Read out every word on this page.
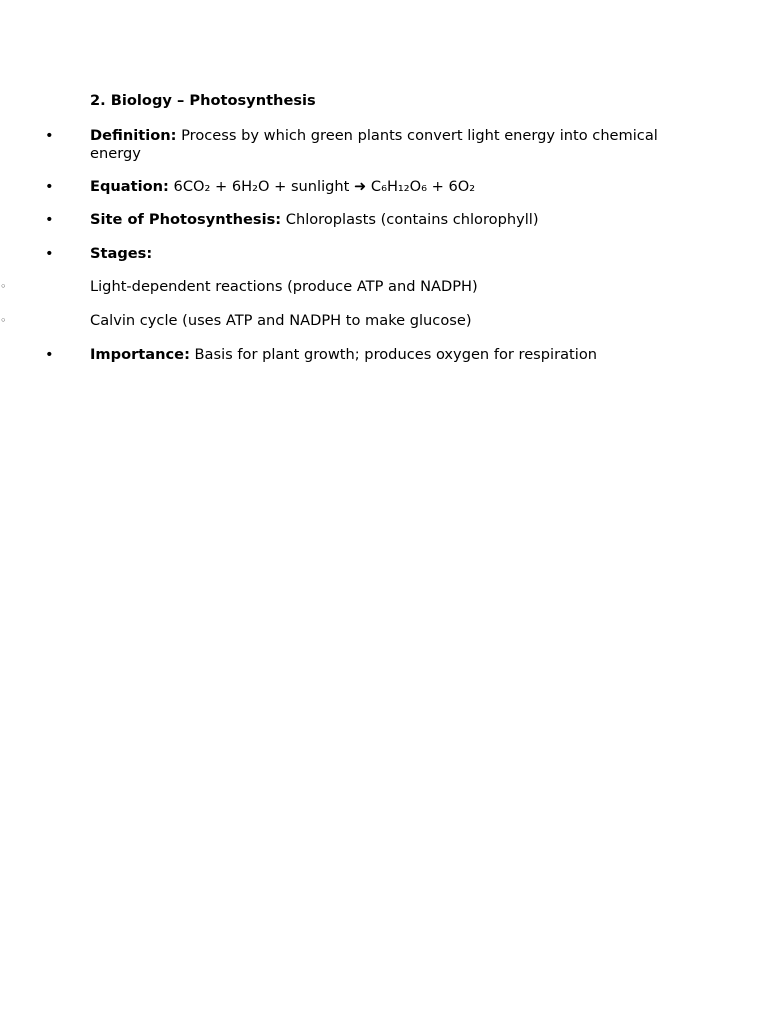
2. Biology – Photosynthesis
• Definition: Process by which green plants convert light energy into chemical energy
• Equation: 6CO₂ + 6H₂O + sunlight ➜ C₆H₁₂O₆ + 6O₂
• Site of Photosynthesis: Chloroplasts (contains chlorophyll)
• Stages:
◦	Light-dependent reactions (produce ATP and NADPH)
◦	Calvin cycle (uses ATP and NADPH to make glucose)
• Importance: Basis for plant growth; produces oxygen for respiration
